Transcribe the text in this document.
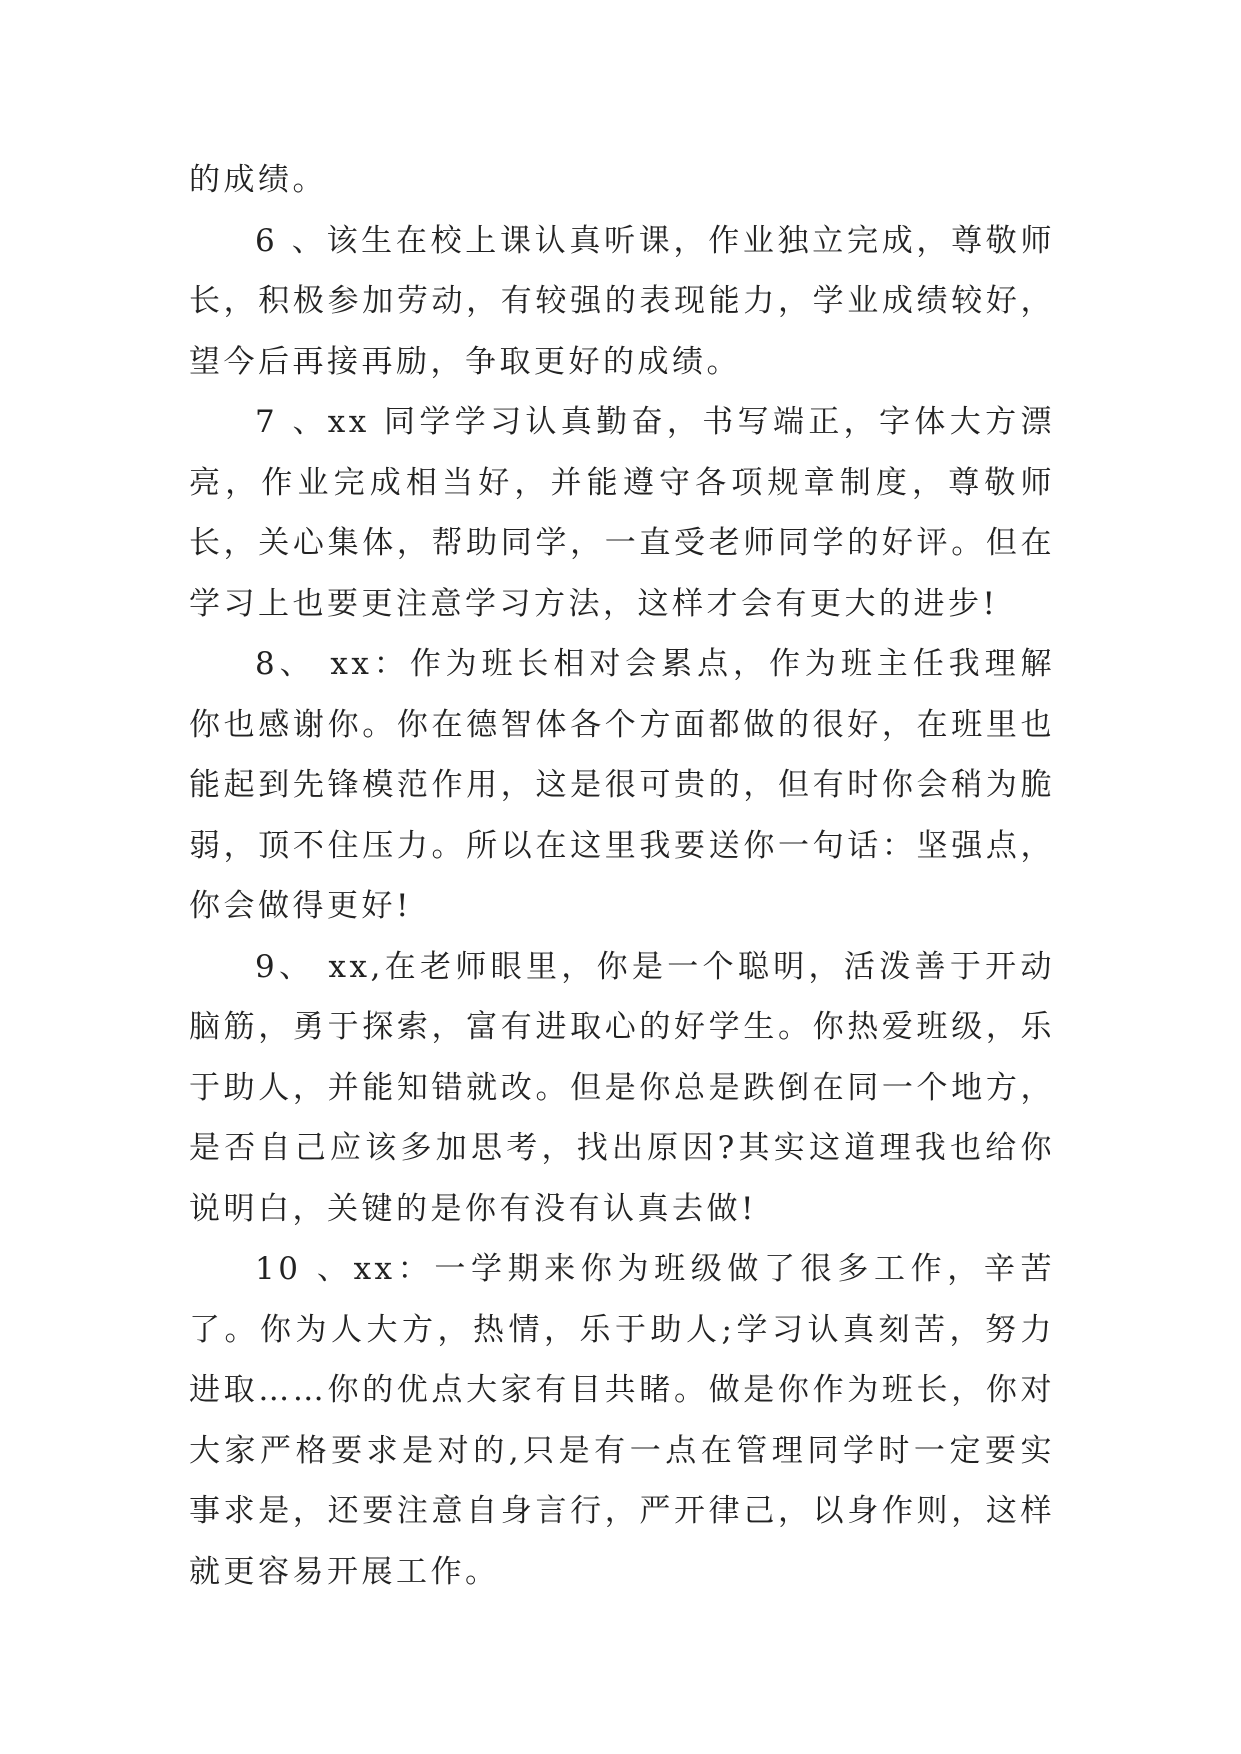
的成绩。

6 、该生在校上课认真听课，作业独立完成，尊敬师长，积极参加劳动，有较强的表现能力，学业成绩较好，望今后再接再励，争取更好的成绩。

7 、xx 同学学习认真勤奋，书写端正，字体大方漂亮，作业完成相当好，并能遵守各项规章制度，尊敬师长，关心集体，帮助同学，一直受老师同学的好评。但在学习上也要更注意学习方法，这样才会有更大的进步!

8、 xx：作为班长相对会累点，作为班主任我理解你也感谢你。你在德智体各个方面都做的很好，在班里也能起到先锋模范作用，这是很可贵的，但有时你会稍为脆弱，顶不住压力。所以在这里我要送你一句话：坚强点，你会做得更好!

9、 xx,在老师眼里，你是一个聪明，活泼善于开动脑筋，勇于探索，富有进取心的好学生。你热爱班级，乐于助人，并能知错就改。但是你总是跌倒在同一个地方，是否自己应该多加思考，找出原因?其实这道理我也给你说明白，关键的是你有没有认真去做!

10 、xx：一学期来你为班级做了很多工作，辛苦了。你为人大方，热情，乐于助人;学习认真刻苦，努力进取……你的优点大家有目共睹。做是你作为班长，你对大家严格要求是对的,只是有一点在管理同学时一定要实事求是，还要注意自身言行，严开律己，以身作则，这样就更容易开展工作。
